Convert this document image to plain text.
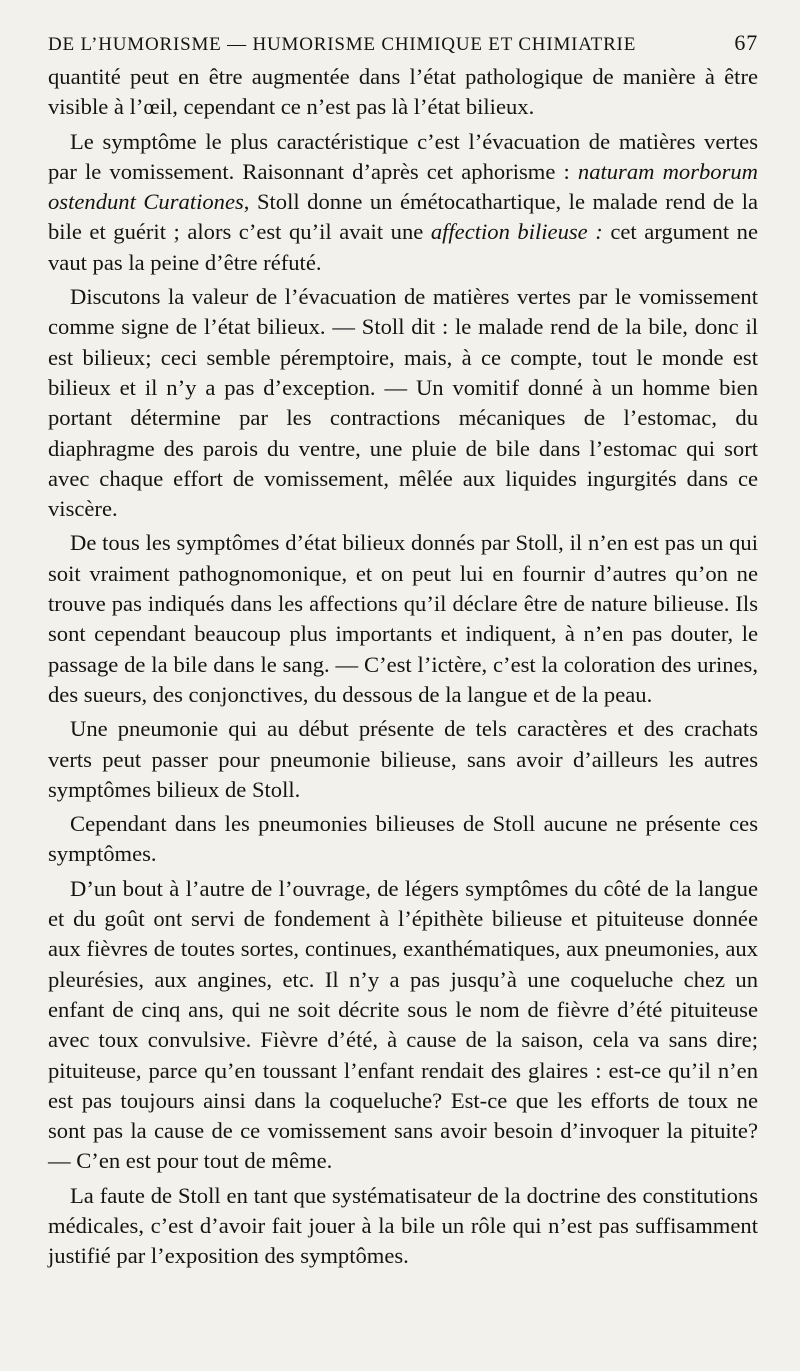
DE L’HUMORISME — HUMORISME CHIMIQUE ET CHIMIATRIE	67

quantité peut en être augmentée dans l’état pathologique de manière à être visible à l’œil, cependant ce n’est pas là l’état bilieux.

Le symptôme le plus caractéristique c’est l’évacuation de matières vertes par le vomissement. Raisonnant d’après cet aphorisme : naturam morborum ostendunt Curationes, Stoll donne un émétocathartique, le malade rend de la bile et guérit ; alors c’est qu’il avait une affection bilieuse : cet argument ne vaut pas la peine d’être réfuté.

Discutons la valeur de l’évacuation de matières vertes par le vomissement comme signe de l’état bilieux. — Stoll dit : le malade rend de la bile, donc il est bilieux; ceci semble péremptoire, mais, à ce compte, tout le monde est bilieux et il n’y a pas d’exception. — Un vomitif donné à un homme bien portant détermine par les contractions mécaniques de l’estomac, du diaphragme des parois du ventre, une pluie de bile dans l’estomac qui sort avec chaque effort de vomissement, mêlée aux liquides ingurgités dans ce viscère.

De tous les symptômes d’état bilieux donnés par Stoll, il n’en est pas un qui soit vraiment pathognomonique, et on peut lui en fournir d’autres qu’on ne trouve pas indiqués dans les affections qu’il déclare être de nature bilieuse. Ils sont cependant beaucoup plus importants et indiquent, à n’en pas douter, le passage de la bile dans le sang. — C’est l’ictère, c’est la coloration des urines, des sueurs, des conjonctives, du dessous de la langue et de la peau.

Une pneumonie qui au début présente de tels caractères et des crachats verts peut passer pour pneumonie bilieuse, sans avoir d’ailleurs les autres symptômes bilieux de Stoll.

Cependant dans les pneumonies bilieuses de Stoll aucune ne présente ces symptômes.

D’un bout à l’autre de l’ouvrage, de légers symptômes du côté de la langue et du goût ont servi de fondement à l’épithète bilieuse et pituiteuse donnée aux fièvres de toutes sortes, continues, exanthématiques, aux pneumonies, aux pleurésies, aux angines, etc. Il n’y a pas jusqu’à une coqueluche chez un enfant de cinq ans, qui ne soit décrite sous le nom de fièvre d’été pituiteuse avec toux convulsive. Fièvre d’été, à cause de la saison, cela va sans dire; pituiteuse, parce qu’en toussant l’enfant rendait des glaires : est-ce qu’il n’en est pas toujours ainsi dans la coqueluche? Est-ce que les efforts de toux ne sont pas la cause de ce vomissement sans avoir besoin d’invoquer la pituite? — C’en est pour tout de même.

La faute de Stoll en tant que systématisateur de la doctrine des constitutions médicales, c’est d’avoir fait jouer à la bile un rôle qui n’est pas suffisamment justifié par l’exposition des symptômes.
